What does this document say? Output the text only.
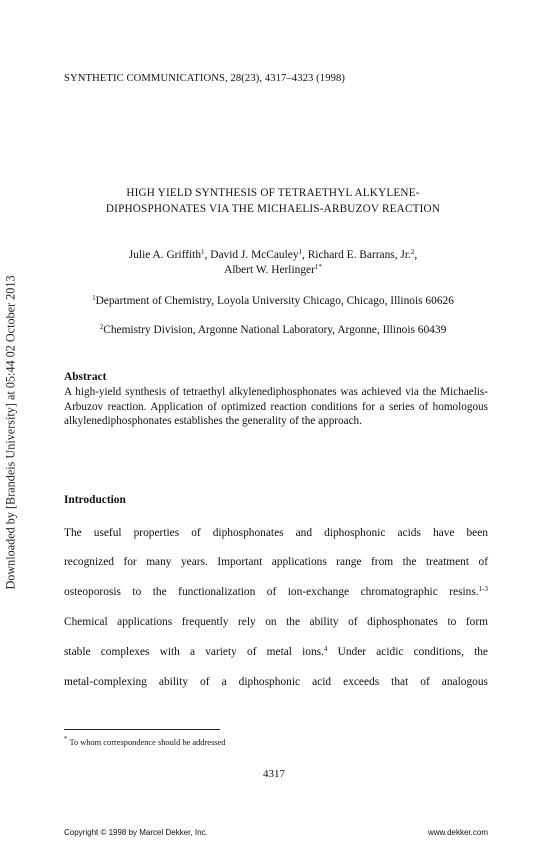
Downloaded by [Brandeis University] at 05:44 02 October 2013
SYNTHETIC COMMUNICATIONS, 28(23), 4317–4323 (1998)
HIGH YIELD SYNTHESIS OF TETRAETHYL ALKYLENE-
DIPHOSPHONATES VIA THE MICHAELIS-ARBUZOV REACTION
Julie A. Griffith$^1$, David J. McCauley$^1$, Richard E. Barrans, Jr.$^2$,
Albert W. Herlinger$^{1*}$
$^1$Department of Chemistry, Loyola University Chicago, Chicago, Illinois 60626
$^2$Chemistry Division, Argonne National Laboratory, Argonne, Illinois 60439
Abstract
A high-yield synthesis of tetraethyl alkylenediphosphonates was achieved via the Michaelis-Arbuzov reaction. Application of optimized reaction conditions for a series of homologous alkylenediphosphonates establishes the generality of the approach.
Introduction
The useful properties of diphosphonates and diphosphonic acids have been
recognized for many years. Important applications range from the treatment of
osteoporosis to the functionalization of ion-exchange chromatographic resins.$^{1-3}$
Chemical applications frequently rely on the ability of diphosphonates to form
stable complexes with a variety of metal ions.$^4$ Under acidic conditions, the
metal-complexing ability of a diphosphonic acid exceeds that of analogous
* To whom correspondence should be addressed
4317
Copyright © 1998 by Marcel Dekker, Inc.	www.dekker.com
